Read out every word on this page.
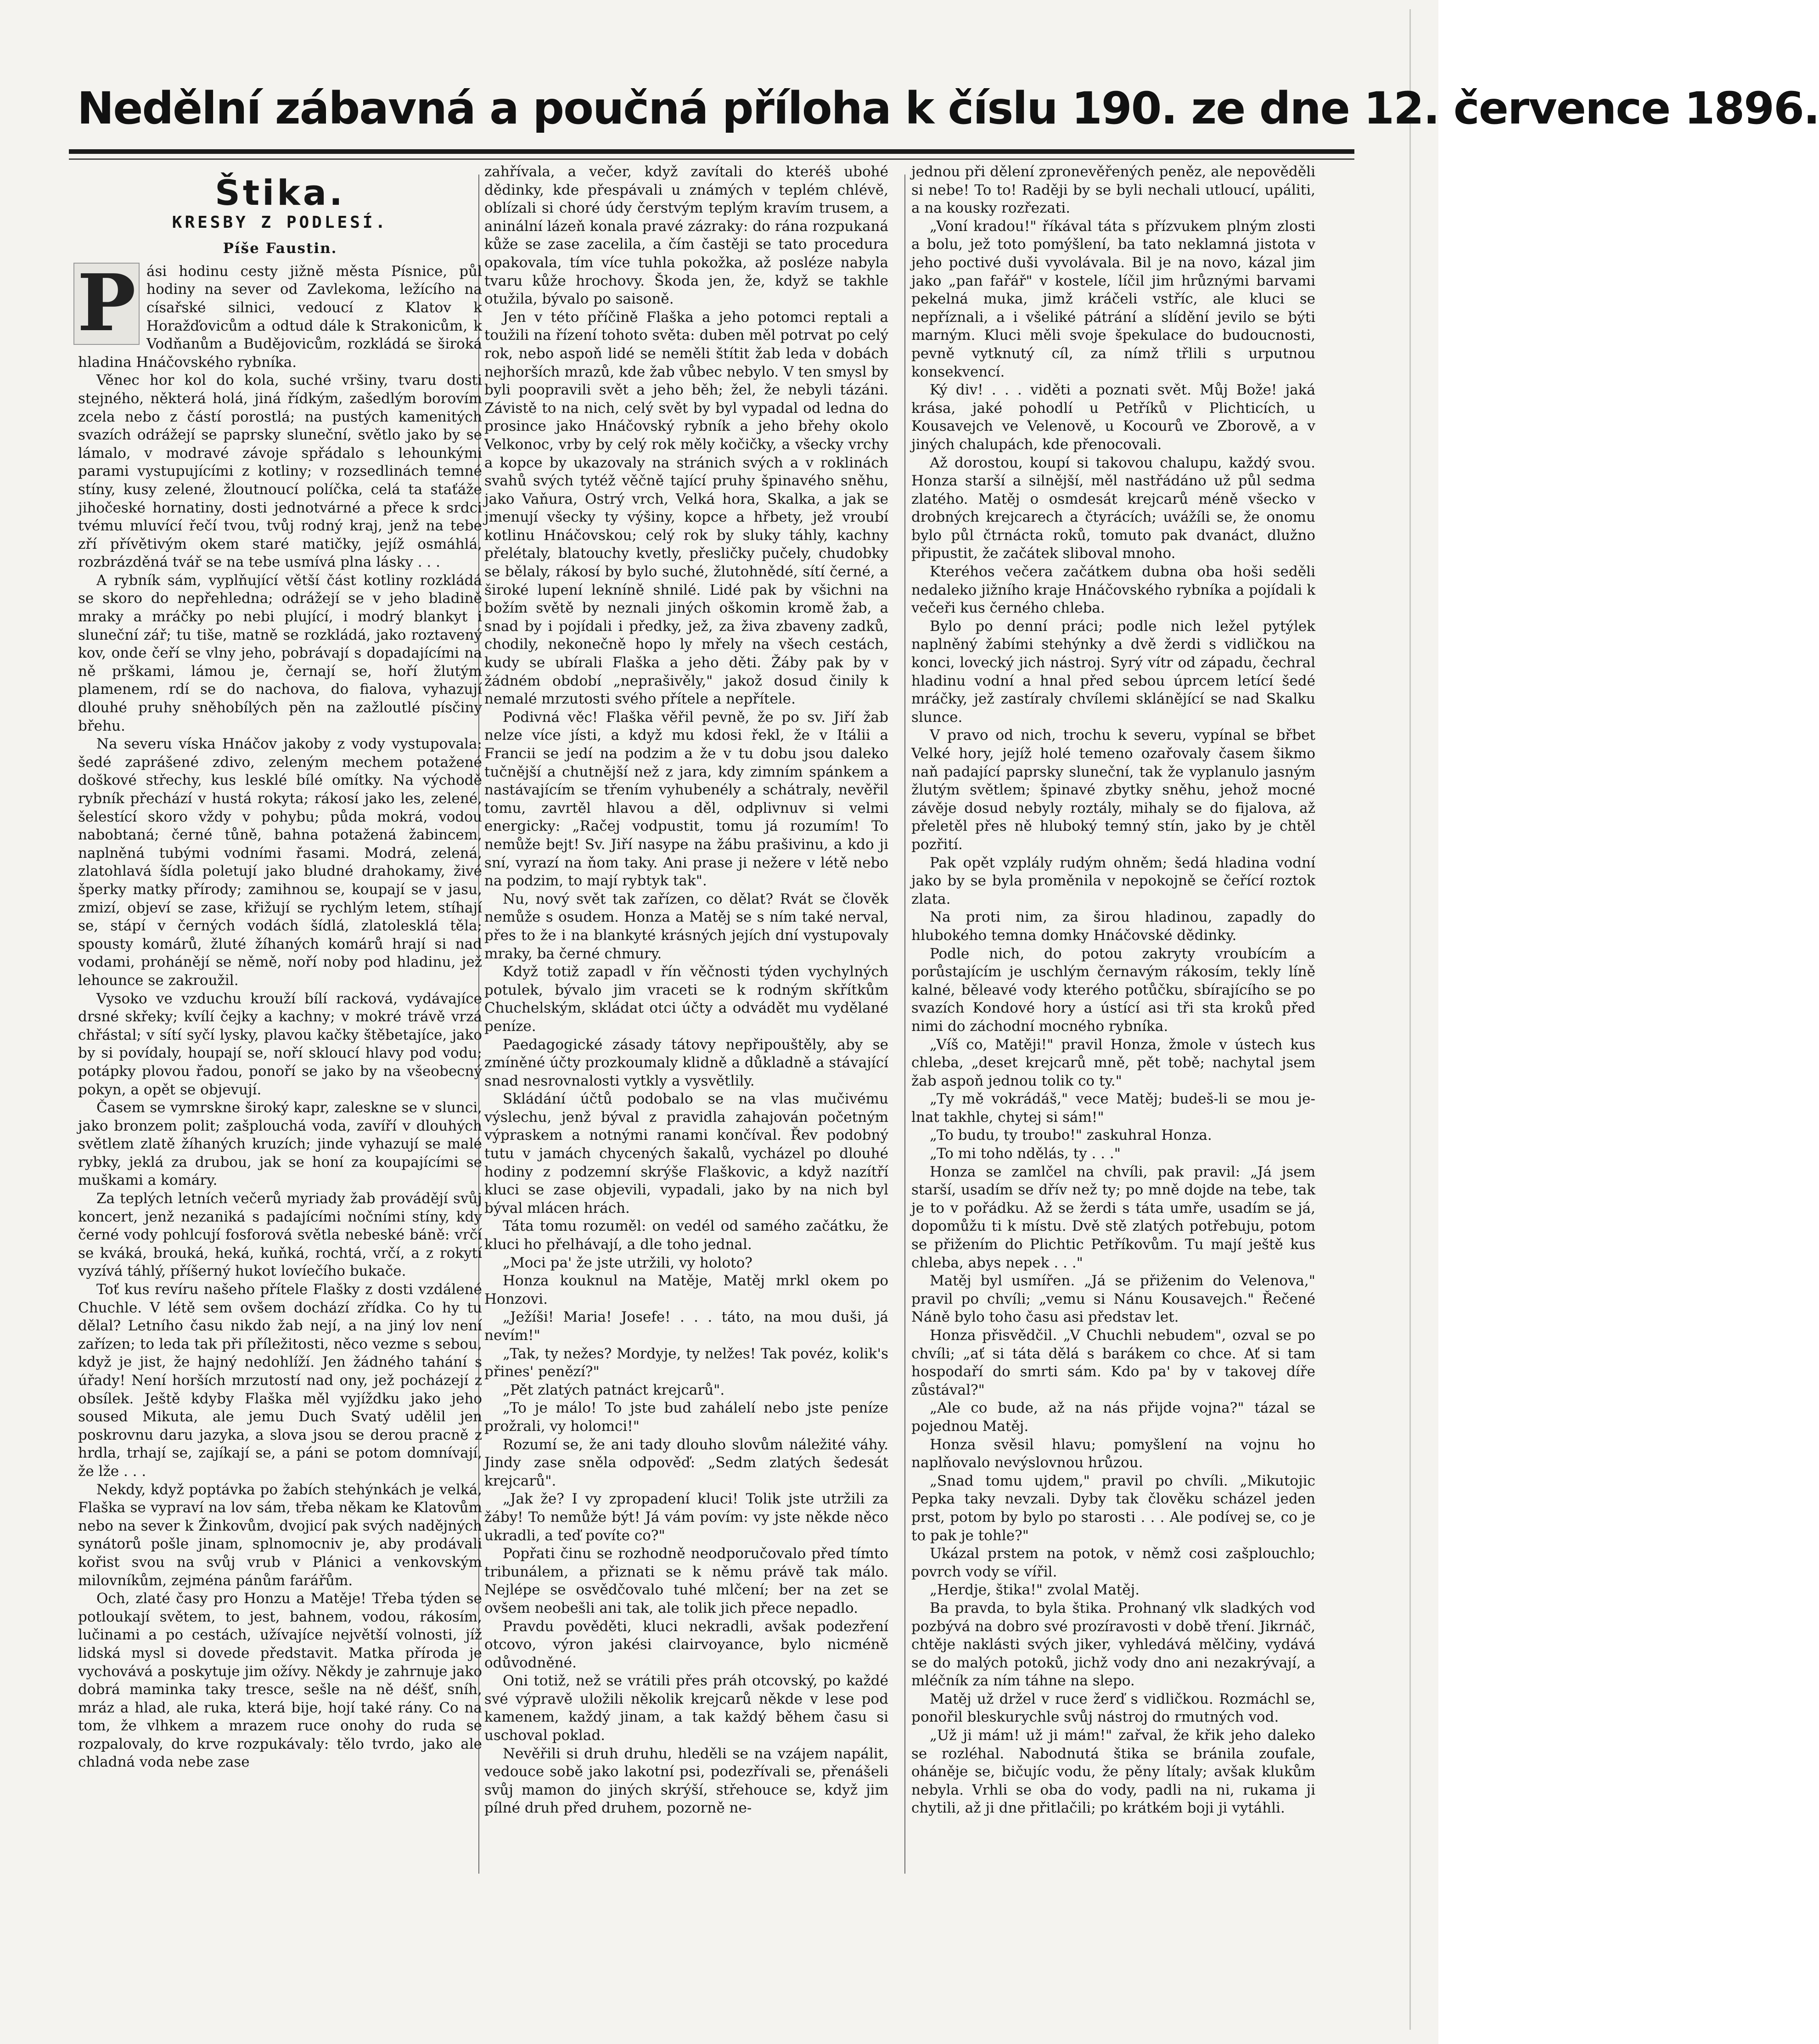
Nedělní zábavná a poučná příloha k číslu 190. ze dne 12. července 1896.
Štika.
KRESBY Z PODLESÍ.
Píše Faustin.
P ási hodinu cesty jižně města Písnice, půl hodiny na sever od Zavlekoma, ležícího na císařské silnici, vedoucí z Klatov k Horažďovicům a odtud dále k Strakonicům, k Vodňanům a Budějovicům, rozkládá se široká hladina Hnáčovského rybníka.

Věnec hor kol do kola, suché vršiny, tvaru dosti stejného, některá holá, jiná řídkým, zašedlým borovím zcela nebo z částí porostlá; na pustých kamenitých svazích odrážejí se paprsky sluneční, světlo jako by se lámalo, v modravé závoje spřádalo s lehounkými parami vystupujícími z kotliny; v rozsedlinách temné stíny, kusy zelené, žloutnoucí políčka, celá ta staťáže jihočeské hornatiny, dosti jednotvárné a přece k srdci tvému mluvící řečí tvou, tvůj rodný kraj, jenž na tebe zří přívětivým okem staré matičky, jejíž osmáhlá, rozbrázděná tvář se na tebe usmívá plna lásky . . .

A rybník sám, vyplňující větší část kotliny rozkládá se skoro do nepřehledna; odrážejí se v jeho bladině mraky a mráčky po nebi plující, i modrý blankyt i sluneční zář; tu tiše, matně se rozkládá, jako roztavený kov, onde čeří se vlny jeho, pobrávají s dopadajícími na ně prškami, lámou je, černají se, hoří žlutým plamenem, rdí se do nachova, do fialova, vyhazují dlouhé pruhy sněhobílých pěn na zažloutlé písčiny břehu.

Na severu víska Hnáčov jakoby z vody vystupovala: šedé zaprášené zdivo, zeleným mechem potažené doškové střechy, kus lesklé bílé omítky. Na východě rybník přechází v hustá rokyta; rákosí jako les, zelené, šelestící skoro vždy v pohybu; půda mokrá, vodou nabobtaná; černé tůně, bahna potažená žabincem, naplněná tubými vodními řasami. Modrá, zelená, zlatohlavá šídla poletují jako bludné drahokamy, živé šperky matky přírody; zamihnou se, koupají se v jasu, zmizí, objeví se zase, křižují se rychlým letem, stíhají se, stápí v černých vodách šídlá, zlatolesklá těla; spousty komárů, žluté žíhaných komárů hrají si nad vodami, prohánějí se němě, noří noby pod hladinu, jež lehounce se zakroužil.

Vysoko ve vzduchu krouží bílí racková, vydávajíce drsné skřeky; kvílí čejky a kachny; v mokré trávě vrzá chřástal; v sítí syčí lysky, plavou kačky štěbetajíce, jako by si povídaly, houpají se, noří skloucí hlavy pod vodu; potápky plovou řadou, ponoří se jako by na všeobecný pokyn, a opět se objevují.

Časem se vymrskne široký kapr, zaleskne se v slunci, jako bronzem polit; zašplouchá voda, zavíří v dlouhých světlem zlatě žíhaných kruzích; jinde vyhazují se malé rybky, jeklá za drubou, jak se honí za koupajícími se muškami a komáry.

Za teplých letních večerů myriady žab provádějí svůj koncert, jenž nezaniká s padajícími nočními stíny, kdy černé vody pohlcují fosforová světla nebeské báně: vrčí se kváká, brouká, heká, kuňká, rochtá, vrčí, a z rokytí vyzívá táhlý, příšerný hukot lovíečího bukače.

Toť kus revíru našeho přítele Flašky z dosti vzdálené Chuchle. V létě sem ovšem dochází zřídka. Co hy tu dělal? Letního času nikdo žab nejí, a na jiný lov není zařízen; to leda tak při příležitosti, něco vezme s sebou, když je jist, že hajný nedohlíží. Jen žádného tahání s úřady! Není horších mrzutostí nad ony, jež pocházejí z obsílek. Ještě kdyby Flaška měl vyjíždku jako jeho soused Mikuta, ale jemu Duch Svatý udělil jen poskrovnu daru jazyka, a slova jsou se derou pracně z hrdla, trhají se, zajíkají se, a páni se potom domnívají, že lže . . .

Nekdy, když poptávka po žabích stehýnkách je velká, Flaška se vypraví na lov sám, třeba někam ke Klatovům nebo na sever k Žinkovům, dvojicí pak svých nadějných synátorů pošle jinam, splnomocniv je, aby prodávali kořist svou na svůj vrub v Plánici a venkovským milovníkům, zejména pánům farářům.

Och, zlaté časy pro Honzu a Matěje! Třeba týden se potloukají světem, to jest, bahnem, vodou, rákosím, lučinami a po cestách, užívajíce největší volnosti, jíž lidská mysl si dovede představit. Matka příroda je vychovává a poskytuje jim ožívy. Někdy je zahrnuje jako dobrá maminka taky tresce, sešle na ně déšť, sníh, mráz a hlad, ale ruka, která bije, hojí také rány. Co na tom, že vlhkem a mrazem ruce onohy do ruda se rozpalovaly, do krve rozpukávaly: tělo tvrdo, jako ale chladná voda nebe zase

zahřívala, a večer, když zavítali do kteréš ubohé dědinky, kde přespávali u známých v teplém chlévě, oblízali si choré údy čerstvým teplým kravím trusem, a aninální lázeň konala pravé zázraky: do rána rozpukaná kůže se zase zacelila, a čím častěji se tato procedura opakovala, tím více tuhla pokožka, až posléze nabyla tvaru kůže hrochovy. Škoda jen, že, když se takhle otužila, bývalo po saisoně.

Jen v této příčině Flaška a jeho potomci reptali a toužili na řízení tohoto světa: duben měl potrvat po celý rok, nebo aspoň lidé se neměli štítit žab leda v dobách nejhorších mrazů, kde žab vůbec nebylo. V ten smysl by byli poopravili svět a jeho běh; žel, že nebyli tázáni. Závistě to na nich, celý svět by byl vypadal od ledna do prosince jako Hnáčovský rybník a jeho břehy okolo Velkonoc, vrby by celý rok měly kočičky, a všecky vrchy a kopce by ukazovaly na stránich svých a v roklinách svahů svých tytéž věčně tající pruhy špinavého sněhu, jako Vaňura, Ostrý vrch, Velká hora, Skalka, a jak se jmenují všecky ty výšiny, kopce a hřbety, jež vroubí kotlinu Hnáčovskou; celý rok by sluky táhly, kachny přelétaly, blatouchy kvetly, přesličky pučely, chudobky se bělaly, rákosí by bylo suché, žlutohnědé, sítí černé, a široké lupení lekníně shnilé. Lidé pak by všichni na božím světě by neznali jiných oškomin kromě žab, a snad by i pojídali i předky, jež, za živa zbaveny zadků, chodily, nekonečně hopo ly mřely na všech cestách, kudy se ubírali Flaška a jeho děti. Žáby pak by v žádném období „neprašivěly," jakož dosud činily k nemalé mrzutosti svého přítele a nepřítele.

Podivná věc! Flaška věřil pevně, že po sv. Jiří žab nelze více jísti, a když mu kdosi řekl, že v Itálii a Francii se jedí na podzim a že v tu dobu jsou daleko tučnější a chutnější než z jara, kdy zimním spánkem a nastávajícím se třením vyhubenély a schátraly, nevěřil tomu, zavrtěl hlavou a děl, odplivnuv si velmi energicky: „Račej vodpustit, tomu já rozumím! To nemůže bejt! Sv. Jiří nasype na žábu prašivinu, a kdo ji sní, vyrazí na ňom taky. Ani prase ji nežere v létě nebo na podzim, to mají rybtyk tak".

Nu, nový svět tak zařízen, co dělat? Rvát se člověk nemůže s osudem. Honza a Matěj se s ním také nerval, přes to že i na blankyté krásných jejích dní vystupovaly mraky, ba černé chmury.

Když totiž zapadl v řín věčnosti týden vychylných potulek, bývalo jim vraceti se k rodným skřítkům Chuchelským, skládat otci účty a odvádět mu vydělané peníze.

Paedagogické zásady tátovy nepřipouštěly, aby se zmíněné účty prozkoumaly klidně a důkladně a stávající snad nesrovnalosti vytkly a vysvětlily.

Skládání účtů podobalo se na vlas mučivému výslechu, jenž býval z pravidla zahajován početným výpraskem a notnými ranami končíval. Řev podobný tutu v jamách chycených šakalů, vycházel po dlouhé hodiny z podzemní skrýše Flaškovic, a když nazítří kluci se zase objevili, vypadali, jako by na nich byl býval mlácen hrách.

Táta tomu rozuměl: on vedél od samého začátku, že kluci ho přelhávají, a dle toho jednal.

„Moci pa' že jste utržili, vy holoto?

Honza kouknul na Matěje, Matěj mrkl okem po Honzovi.

„Ježíši! Maria! Josefe! . . . táto, na mou duši, já nevím!"

„Tak, ty nežes? Mordyje, ty nelžes! Tak povéz, kolik's přines' penězí?"

„Pět zlatých patnáct krejcarů".

„To je málo! To jste bud zahálelí nebo jste peníze prožrali, vy holomci!"

Rozumí se, že ani tady dlouho slovům náležité váhy. Jindy zase sněla odpověď: „Sedm zlatých šedesát krejcarů".

„Jak že? I vy zpropadení kluci! Tolik jste utržili za žáby! To nemůže být! Já vám povím: vy jste někde něco ukradli, a teď povíte co?"

Popřati činu se rozhodně neodporučovalo před tímto tribunálem, a přiznati se k němu právě tak málo. Nejlépe se osvědčovalo tuhé mlčení; ber na zet se ovšem neobešli ani tak, ale tolik jich přece nepadlo.

Pravdu pověděti, kluci nekradli, avšak podezření otcovo, výron jakési clairvoyance, bylo nicméně odůvodněné.

Oni totiž, než se vrátili přes práh otcovský, po každé své výpravě uložili několik krejcarů někde v lese pod kamenem, každý jinam, a tak každý během času si uschoval poklad.

Nevěřili si druh druhu, hleděli se na vzájem napálit, vedouce sobě jako lakotní psi, podezřívali se, přenášeli svůj mamon do jiných skrýší, střehouce se, když jim pílné druh před druhem, pozorně ne-

jednou při dělení zpronevěřených peněz, ale nepověděli si nebe! To to! Raději by se byli nechali utloucí, upáliti, a na kousky rozřezati.

„Voní kradou!" říkával táta s přízvukem plným zlosti a bolu, jež toto pomýšlení, ba tato neklamná jistota v jeho poctivé duši vyvolávala. Bil je na novo, kázal jim jako „pan fařář" v kostele, líčil jim hrůznými barvami pekelná muka, jimž kráčeli vstříc, ale kluci se nepříznali, a i všeliké pátrání a slídění jevilo se býti marným. Kluci měli svoje špekulace do budoucnosti, pevně vytknutý cíl, za nímž třlili s urputnou konsekvencí.

Ký div! . . . viděti a poznati svět. Můj Bože! jaká krása, jaké pohodlí u Petříků v Plichticích, u Kousavejch ve Velenově, u Kocourů ve Zborově, a v jiných chalupách, kde přenocovali.

Až dorostou, koupí si takovou chalupu, každý svou. Honza starší a silnější, měl nastřádáno už půl sedma zlatého. Matěj o osmdesát krejcarů méně všecko v drobných krejcarech a čtyrácích; uvážíli se, že onomu bylo půl čtrnácta roků, tomuto pak dvanáct, dlužno připustit, že začátek sliboval mnoho.

Kteréhos večera začátkem dubna oba hoši seděli nedaleko jižního kraje Hnáčovského rybníka a pojídali k večeři kus černého chleba.

Bylo po denní práci; podle nich ležel pytýlek naplněný žabími stehýnky a dvě žerdi s vidličkou na konci, lovecký jich nástroj. Syrý vítr od západu, čechral hladinu vodní a hnal před sebou úprcem letící šedé mráčky, jež zastíraly chvílemi sklánějící se nad Skalku slunce.

V pravo od nich, trochu k severu, vypínal se břbet Velké hory, jejíž holé temeno ozařovaly časem šikmo naň padající paprsky sluneční, tak že vyplanulo jasným žlutým světlem; špinavé zbytky sněhu, jehož mocné závěje dosud nebyly roztály, mihaly se do fijalova, až přeletěl přes ně hluboký temný stín, jako by je chtěl pozřití.

Pak opět vzplály rudým ohněm; šedá hladina vodní jako by se byla proměnila v nepokojně se čeřící roztok zlata.

Na proti nim, za širou hladinou, zapadly do hlubokého temna domky Hnáčovské dědinky.

Podle nich, do potou zakryty vroubícím a porůstajícím je uschlým černavým rákosím, tekly líně kalné, běleavé vody kterého potůčku, sbírajícího se po svazích Kondové hory a ústící asi tři sta kroků před nimi do záchodní mocného rybníka.

„Víš co, Matěji!" pravil Honza, žmole v ústech kus chleba, „deset krejcarů mně, pět tobě; nachytal jsem žab aspoň jednou tolik co ty."

„Ty mě vokrádáš," vece Matěj; budeš-li se mou je-lnat takhle, chytej si sám!"

„To budu, ty troubo!" zaskuhral Honza.

„To mi toho ndělás, ty . . ."

Honza se zamlčel na chvíli, pak pravil: „Já jsem starší, usadím se dřív než ty; po mně dojde na tebe, tak je to v pořádku. Až se žerdi s táta umře, usadím se já, dopomůžu ti k místu. Dvě stě zlatých potřebuju, potom se přižením do Plichtic Petříkovům. Tu mají ještě kus chleba, abys nepek . . ."

Matěj byl usmířen. „Já se přiženim do Velenova," pravil po chvíli; „vemu si Nánu Kousavejch." Řečené Náně bylo toho času asi představ let.

Honza přisvědčil. „V Chuchli nebudem", ozval se po chvíli; „ať si táta dělá s barákem co chce. Ať si tam hospodaří do smrti sám. Kdo pa' by v takovej díře zůstával?"

„Ale co bude, až na nás přijde vojna?" tázal se pojednou Matěj.

Honza svěsil hlavu; pomyšlení na vojnu ho naplňovalo nevýslovnou hrůzou.

„Snad tomu ujdem," pravil po chvíli. „Mikutojic Pepka taky nevzali. Dyby tak člověku scházel jeden prst, potom by bylo po starosti . . . Ale podívej se, co je to pak je tohle?"

Ukázal prstem na potok, v němž cosi zašplouchlo; povrch vody se vířil.

„Herdje, štika!" zvolal Matěj.

Ba pravda, to byla štika. Prohnaný vlk sladkých vod pozbývá na dobro své prozíravosti v době tření. Jikrnáč, chtěje naklásti svých jiker, vyhledává mělčiny, vydává se do malých potoků, jichž vody dno ani nezakrývají, a mléčník za ním táhne na slepo.

Matěj už držel v ruce žerď s vidličkou. Rozmáchl se, ponořil bleskurychle svůj nástroj do rmutných vod.

„Už ji mám! už ji mám!" zařval, že křik jeho daleko se rozléhal. Nabodnutá štika se bránila zoufale, oháněje se, bičujíc vodu, že pěny lítaly; avšak klukům nebyla. Vrhli se oba do vody, padli na ni, rukama ji chytili, až ji dne přitlačili; po krátkém boji ji vytáhli.
